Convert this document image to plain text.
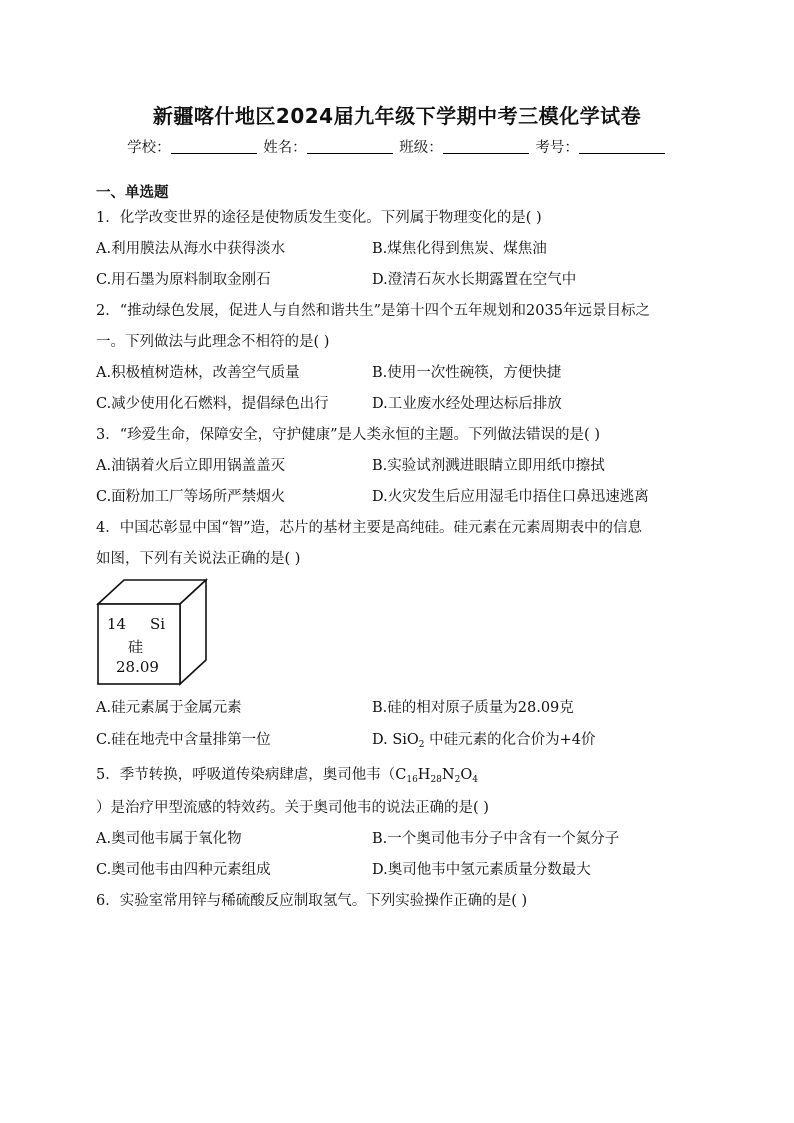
新疆喀什地区2024届九年级下学期中考三模化学试卷
学校：	姓名：	班级：	考号：
一、单选题
1．化学改变世界的途径是使物质发生变化。下列属于物理变化的是( )
A.利用膜法从海水中获得淡水	B.煤焦化得到焦炭、煤焦油
C.用石墨为原料制取金刚石	D.澄清石灰水长期露置在空气中
2．“推动绿色发展，促进人与自然和谐共生”是第十四个五年规划和2035年远景目标之
一。下列做法与此理念不相符的是( )
A.积极植树造林，改善空气质量	B.使用一次性碗筷，方便快捷
C.减少使用化石燃料，提倡绿色出行	D.工业废水经处理达标后排放
3．“珍爱生命，保障安全，守护健康”是人类永恒的主题。下列做法错误的是( )
A.油锅着火后立即用锅盖盖灭	B.实验试剂溅进眼睛立即用纸巾擦拭
C.面粉加工厂等场所严禁烟火	D.火灾发生后应用湿毛巾捂住口鼻迅速逃离
4．中国芯彰显中国“智”造，芯片的基材主要是高纯硅。硅元素在元素周期表中的信息
如图，下列有关说法正确的是( )
14 Si
硅
28.09
A.硅元素属于金属元素	B.硅的相对原子质量为28.09克
C.硅在地壳中含量排第一位	D. SiO$_2$ 中硅元素的化合价为+4价
5．季节转换，呼吸道传染病肆虐，奥司他韦（$C_{16}H_{28}N_2O_4$
）是治疗甲型流感的特效药。关于奥司他韦的说法正确的是( )
A.奥司他韦属于氧化物	B.一个奥司他韦分子中含有一个氮分子
C.奥司他韦由四种元素组成	D.奥司他韦中氢元素质量分数最大
6．实验室常用锌与稀硫酸反应制取氢气。下列实验操作正确的是( )
